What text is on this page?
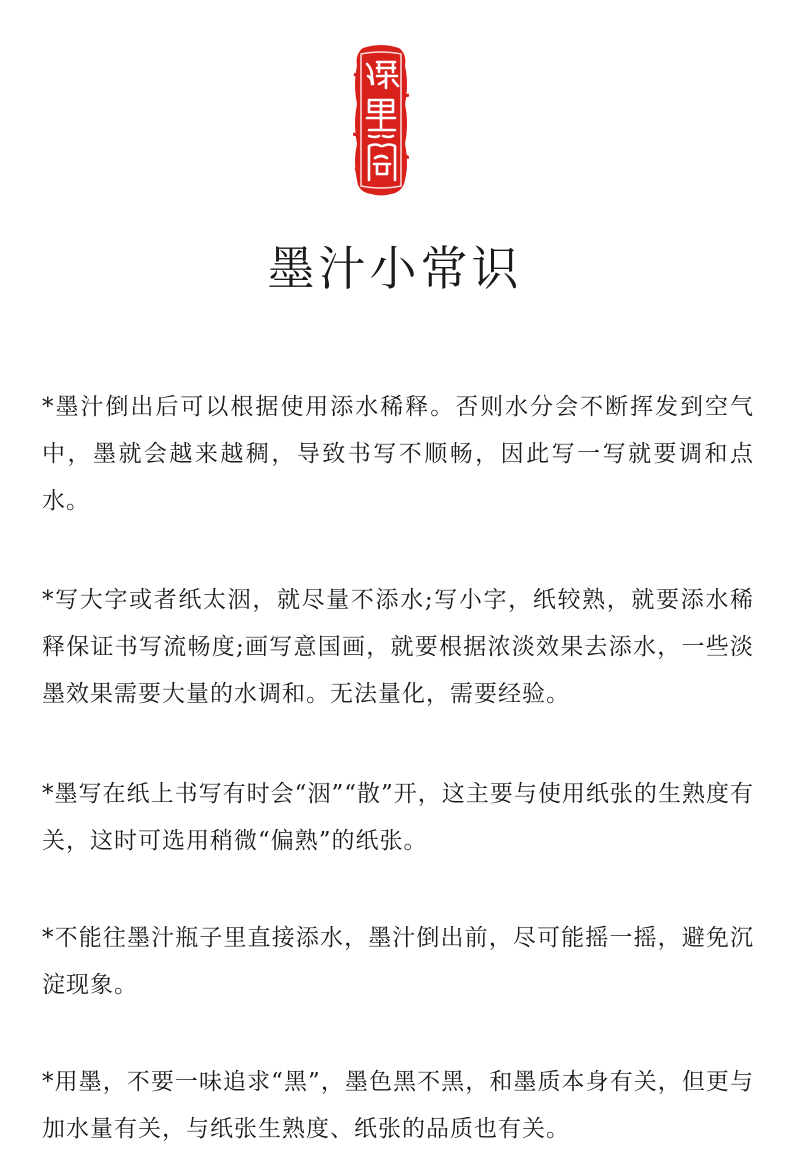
墨汁小常识

*墨汁倒出后可以根据使用添水稀释。否则水分会不断挥发到空气中，墨就会越来越稠，导致书写不顺畅，因此写一写就要调和点水。

*写大字或者纸太洇，就尽量不添水;写小字，纸较熟，就要添水稀释保证书写流畅度;画写意国画，就要根据浓淡效果去添水，一些淡墨效果需要大量的水调和。无法量化，需要经验。

*墨写在纸上书写有时会“洇”“散”开，这主要与使用纸张的生熟度有关，这时可选用稍微“偏熟”的纸张。

*不能往墨汁瓶子里直接添水，墨汁倒出前，尽可能摇一摇，避免沉淀现象。

*用墨，不要一味追求“黑”，墨色黑不黑，和墨质本身有关，但更与加水量有关，与纸张生熟度、纸张的品质也有关。
